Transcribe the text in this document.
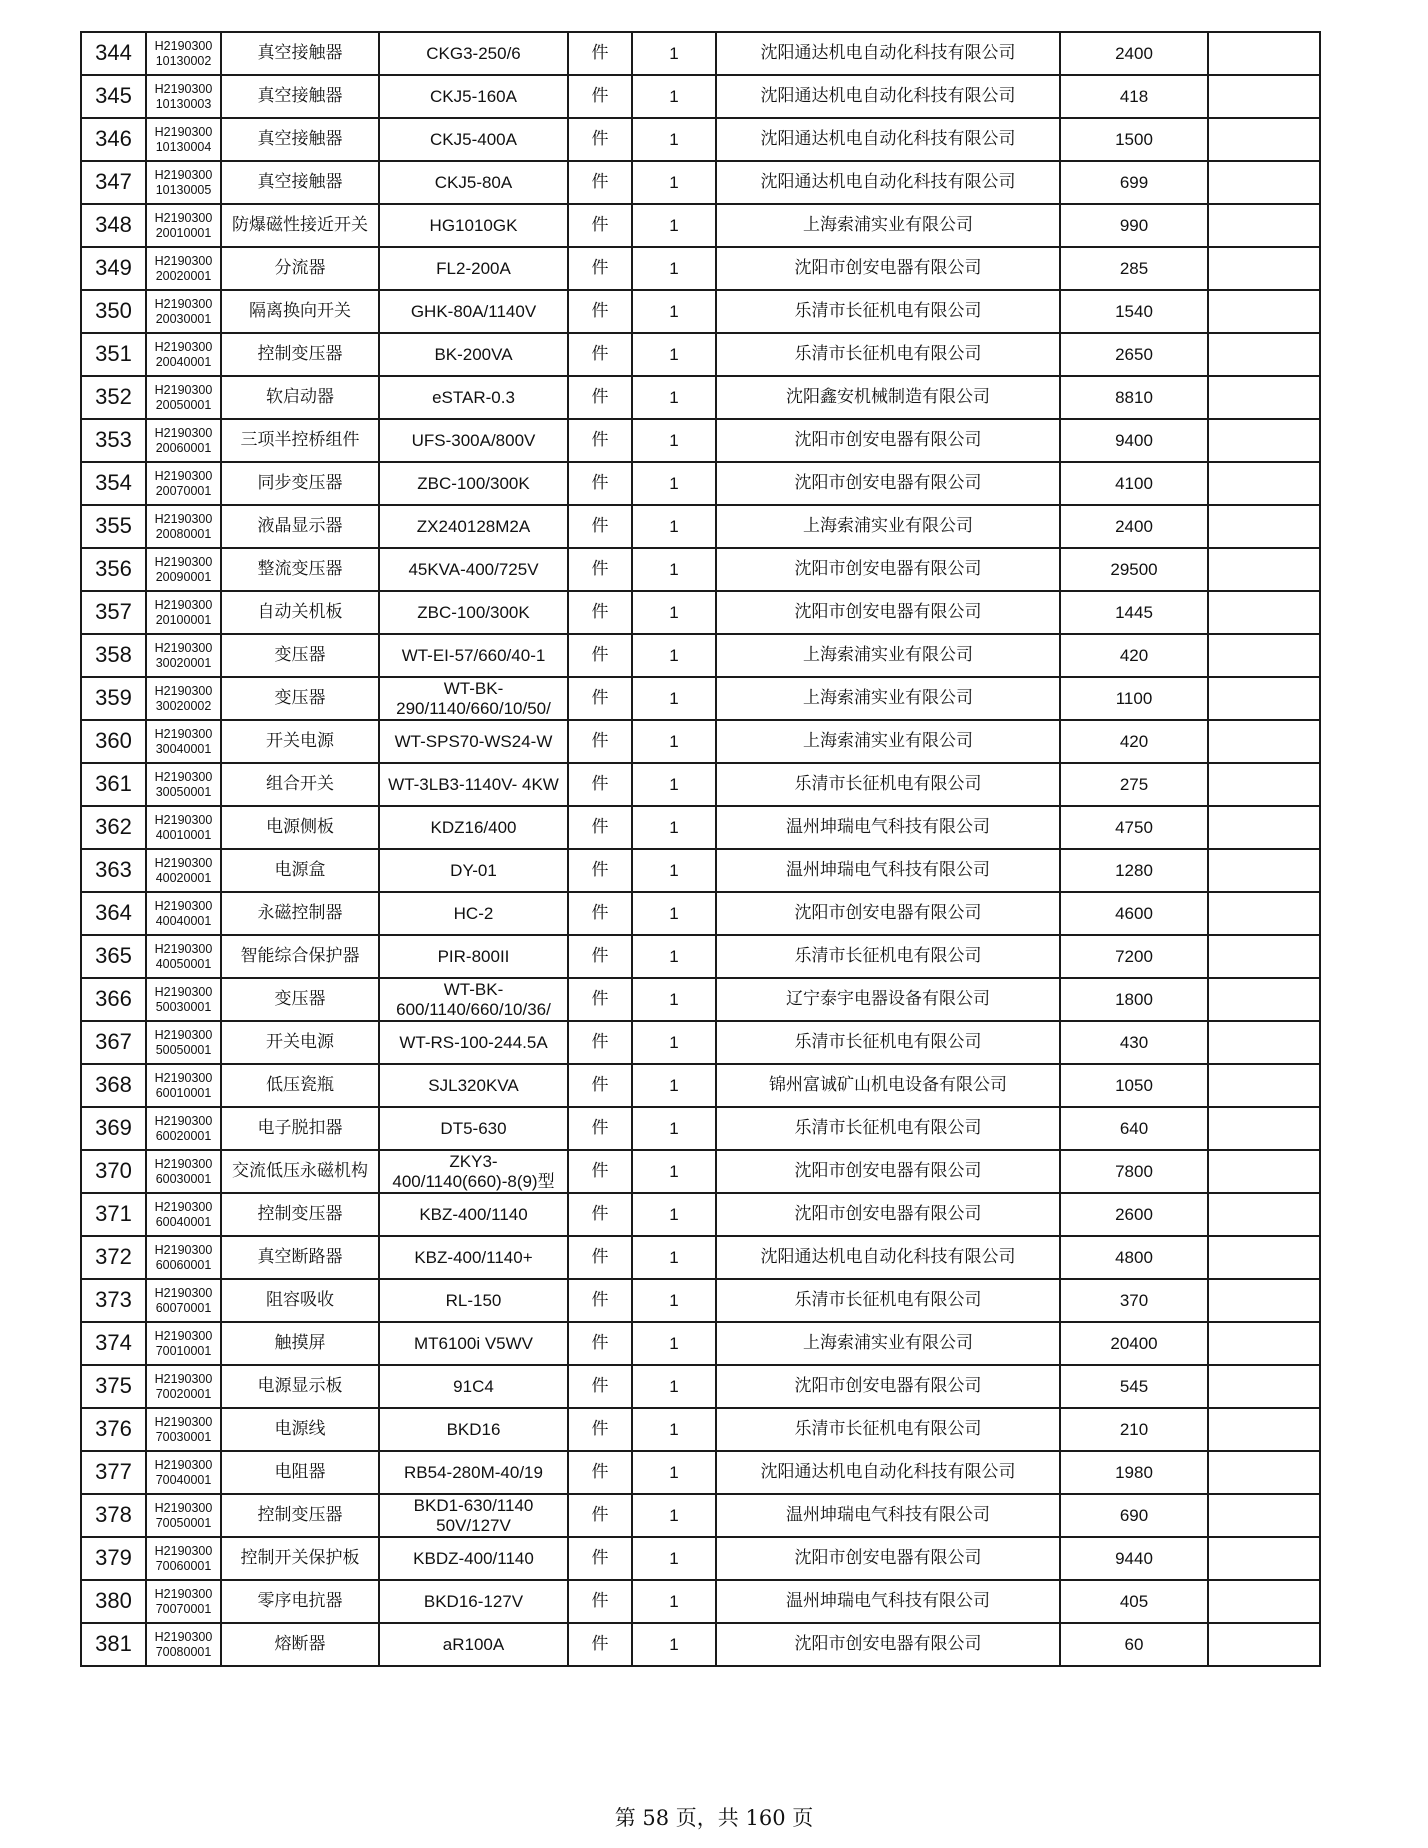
344	H2190300 10130002	真空接触器	CKG3-250/6	件	1	沈阳通达机电自动化科技有限公司	2400	
345	H2190300 10130003	真空接触器	CKJ5-160A	件	1	沈阳通达机电自动化科技有限公司	418	
346	H2190300 10130004	真空接触器	CKJ5-400A	件	1	沈阳通达机电自动化科技有限公司	1500	
347	H2190300 10130005	真空接触器	CKJ5-80A	件	1	沈阳通达机电自动化科技有限公司	699	
348	H2190300 20010001	防爆磁性接近开关	HG1010GK	件	1	上海索浦实业有限公司	990	
349	H2190300 20020001	分流器	FL2-200A	件	1	沈阳市创安电器有限公司	285	
350	H2190300 20030001	隔离换向开关	GHK-80A/1140V	件	1	乐清市长征机电有限公司	1540	
351	H2190300 20040001	控制变压器	BK-200VA	件	1	乐清市长征机电有限公司	2650	
352	H2190300 20050001	软启动器	eSTAR-0.3	件	1	沈阳鑫安机械制造有限公司	8810	
353	H2190300 20060001	三项半控桥组件	UFS-300A/800V	件	1	沈阳市创安电器有限公司	9400	
354	H2190300 20070001	同步变压器	ZBC-100/300K	件	1	沈阳市创安电器有限公司	4100	
355	H2190300 20080001	液晶显示器	ZX240128M2A	件	1	上海索浦实业有限公司	2400	
356	H2190300 20090001	整流变压器	45KVA-400/725V	件	1	沈阳市创安电器有限公司	29500	
357	H2190300 20100001	自动关机板	ZBC-100/300K	件	1	沈阳市创安电器有限公司	1445	
358	H2190300 30020001	变压器	WT-EI-57/660/40-1	件	1	上海索浦实业有限公司	420	
359	H2190300 30020002	变压器	WT-BK- 290/1140/660/10/50/	件	1	上海索浦实业有限公司	1100	
360	H2190300 30040001	开关电源	WT-SPS70-WS24-W	件	1	上海索浦实业有限公司	420	
361	H2190300 30050001	组合开关	WT-3LB3-1140V- 4KW	件	1	乐清市长征机电有限公司	275	
362	H2190300 40010001	电源侧板	KDZ16/400	件	1	温州坤瑞电气科技有限公司	4750	
363	H2190300 40020001	电源盒	DY-01	件	1	温州坤瑞电气科技有限公司	1280	
364	H2190300 40040001	永磁控制器	HC-2	件	1	沈阳市创安电器有限公司	4600	
365	H2190300 40050001	智能综合保护器	PIR-800II	件	1	乐清市长征机电有限公司	7200	
366	H2190300 50030001	变压器	WT-BK- 600/1140/660/10/36/	件	1	辽宁泰宇电器设备有限公司	1800	
367	H2190300 50050001	开关电源	WT-RS-100-244.5A	件	1	乐清市长征机电有限公司	430	
368	H2190300 60010001	低压瓷瓶	SJL320KVA	件	1	锦州富诚矿山机电设备有限公司	1050	
369	H2190300 60020001	电子脱扣器	DT5-630	件	1	乐清市长征机电有限公司	640	
370	H2190300 60030001	交流低压永磁机构	ZKY3- 400/1140(660)-8(9)型	件	1	沈阳市创安电器有限公司	7800	
371	H2190300 60040001	控制变压器	KBZ-400/1140	件	1	沈阳市创安电器有限公司	2600	
372	H2190300 60060001	真空断路器	KBZ-400/1140+	件	1	沈阳通达机电自动化科技有限公司	4800	
373	H2190300 60070001	阻容吸收	RL-150	件	1	乐清市长征机电有限公司	370	
374	H2190300 70010001	触摸屏	MT6100i V5WV	件	1	上海索浦实业有限公司	20400	
375	H2190300 70020001	电源显示板	91C4	件	1	沈阳市创安电器有限公司	545	
376	H2190300 70030001	电源线	BKD16	件	1	乐清市长征机电有限公司	210	
377	H2190300 70040001	电阻器	RB54-280M-40/19	件	1	沈阳通达机电自动化科技有限公司	1980	
378	H2190300 70050001	控制变压器	BKD1-630/1140 50V/127V	件	1	温州坤瑞电气科技有限公司	690	
379	H2190300 70060001	控制开关保护板	KBDZ-400/1140	件	1	沈阳市创安电器有限公司	9440	
380	H2190300 70070001	零序电抗器	BKD16-127V	件	1	温州坤瑞电气科技有限公司	405	
381	H2190300 70080001	熔断器	aR100A	件	1	沈阳市创安电器有限公司	60	
第 58 页，共 160 页
